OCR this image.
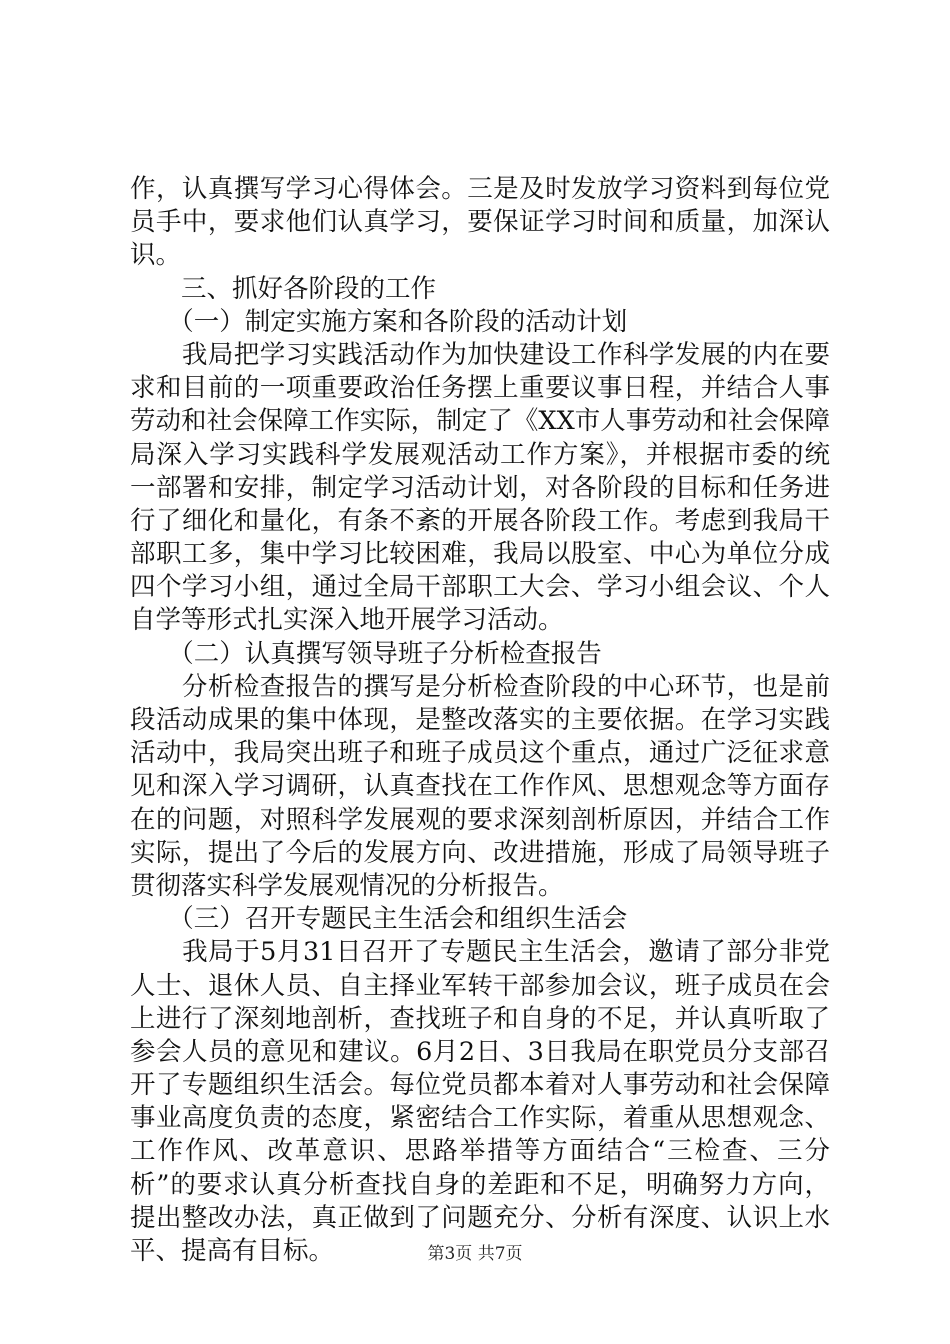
作，认真撰写学习心得体会。三是及时发放学习资料到每位党
员手中，要求他们认真学习，要保证学习时间和质量，加深认
识。
　　三、抓好各阶段的工作
　　（一）制定实施方案和各阶段的活动计划
　　我局把学习实践活动作为加快建设工作科学发展的内在要
求和目前的一项重要政治任务摆上重要议事日程，并结合人事
劳动和社会保障工作实际，制定了《XX市人事劳动和社会保障
局深入学习实践科学发展观活动工作方案》，并根据市委的统
一部署和安排，制定学习活动计划，对各阶段的目标和任务进
行了细化和量化，有条不紊的开展各阶段工作。考虑到我局干
部职工多，集中学习比较困难，我局以股室、中心为单位分成
四个学习小组，通过全局干部职工大会、学习小组会议、个人
自学等形式扎实深入地开展学习活动。
　　（二）认真撰写领导班子分析检查报告
　　分析检查报告的撰写是分析检查阶段的中心环节，也是前
段活动成果的集中体现，是整改落实的主要依据。在学习实践
活动中，我局突出班子和班子成员这个重点，通过广泛征求意
见和深入学习调研，认真查找在工作作风、思想观念等方面存
在的问题，对照科学发展观的要求深刻剖析原因，并结合工作
实际，提出了今后的发展方向、改进措施，形成了局领导班子
贯彻落实科学发展观情况的分析报告。
　　（三）召开专题民主生活会和组织生活会
　　我局于5月31日召开了专题民主生活会，邀请了部分非党
人士、退休人员、自主择业军转干部参加会议，班子成员在会
上进行了深刻地剖析，查找班子和自身的不足，并认真听取了
参会人员的意见和建议。6月2日、3日我局在职党员分支部召
开了专题组织生活会。每位党员都本着对人事劳动和社会保障
事业高度负责的态度，紧密结合工作实际，着重从思想观念、
工作作风、改革意识、思路举措等方面结合“三检查、三分
析”的要求认真分析查找自身的差距和不足，明确努力方向，
提出整改办法，真正做到了问题充分、分析有深度、认识上水
平、提高有目标。	第3页 共7页
